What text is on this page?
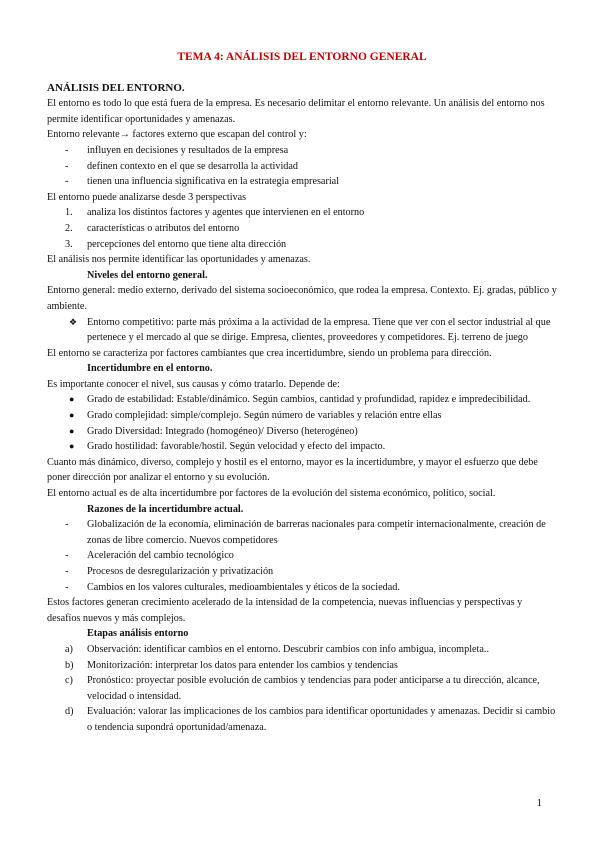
TEMA 4: ANÁLISIS DEL ENTORNO GENERAL
ANÁLISIS DEL ENTORNO.

El entorno es todo lo que está fuera de la empresa. Es necesario delimitar el entorno relevante. Un análisis del entorno nos permite identificar oportunidades y amenazas.

Entorno relevante→ factores externo que escapan del control y:

-	influyen en decisiones y resultados de la empresa
-	definen contexto en el que se desarrolla la actividad
-	tienen una influencia significativa en la estrategia empresarial

El entorno puede analizarse desde 3 perspectivas

1.	analiza los distintos factores y agentes que intervienen en el entorno
2.	características o atributos del entorno
3.	percepciones del entorno que tiene alta dirección

El análisis nos permite identificar las oportunidades y amenazas.

Niveles del entorno general.

Entorno general: medio externo, derivado del sistema socioeconómico, que rodea la empresa. Contexto. Ej. gradas, público y ambiente.

❖ Entorno competitivo: parte más próxima a la actividad de la empresa. Tiene que ver con el sector industrial al que pertenece y el mercado al que se dirige. Empresa, clientes, proveedores y competidores. Ej. terreno de juego

El entorno se caracteriza por factores cambiantes que crea incertidumbre, siendo un problema para dirección.

Incertidumbre en el entorno.

Es importante conocer el nivel, sus causas y cómo tratarlo. Depende de:

●	Grado de estabilidad: Estable/dinámico. Según cambios, cantidad y profundidad, rapidez e impredecibilidad.
●	Grado complejidad: simple/complejo. Según número de variables y relación entre ellas
●	Grado Diversidad: Integrado (homogéneo)/ Diverso (heterogéneo)
●	Grado hostilidad: favorable/hostil. Según velocidad y efecto del impacto.

Cuanto más dinámico, diverso, complejo y hostil es el entorno, mayor es la incertidumbre, y mayor el esfuerzo que debe poner dirección por analizar el entorno y su evolución.

El entorno actual es de alta incertidumbre por factores de la evolución del sistema económico, político, social.

Razones de la incertidumbre actual.
-	Globalización de la economía, eliminación de barreras nacionales para competir internacionalmente, creación de zonas de libre comercio. Nuevos competidores
-	Aceleración del cambio tecnológico
-	Procesos de desregularización y privatización
-	Cambios en los valores culturales, medioambientales y éticos de la sociedad.

Estos factores generan crecimiento acelerado de la intensidad de la competencia, nuevas influencias y perspectivas y desafíos nuevos y más complejos.

Etapas análisis entorno
a)	Observación: identificar cambios en el entorno. Descubrir cambios con info ambigua, incompleta..
b)	Monitorización: interpretar los datos para entender los cambios y tendencias
c)	Pronóstico: proyectar posible evolución de cambios y tendencias para poder anticiparse a tu dirección, alcance, velocidad o intensidad.
d)	Evaluación: valorar las implicaciones de los cambios para identificar oportunidades y amenazas. Decidir si cambio o tendencia supondrá oportunidad/amenaza.
1
